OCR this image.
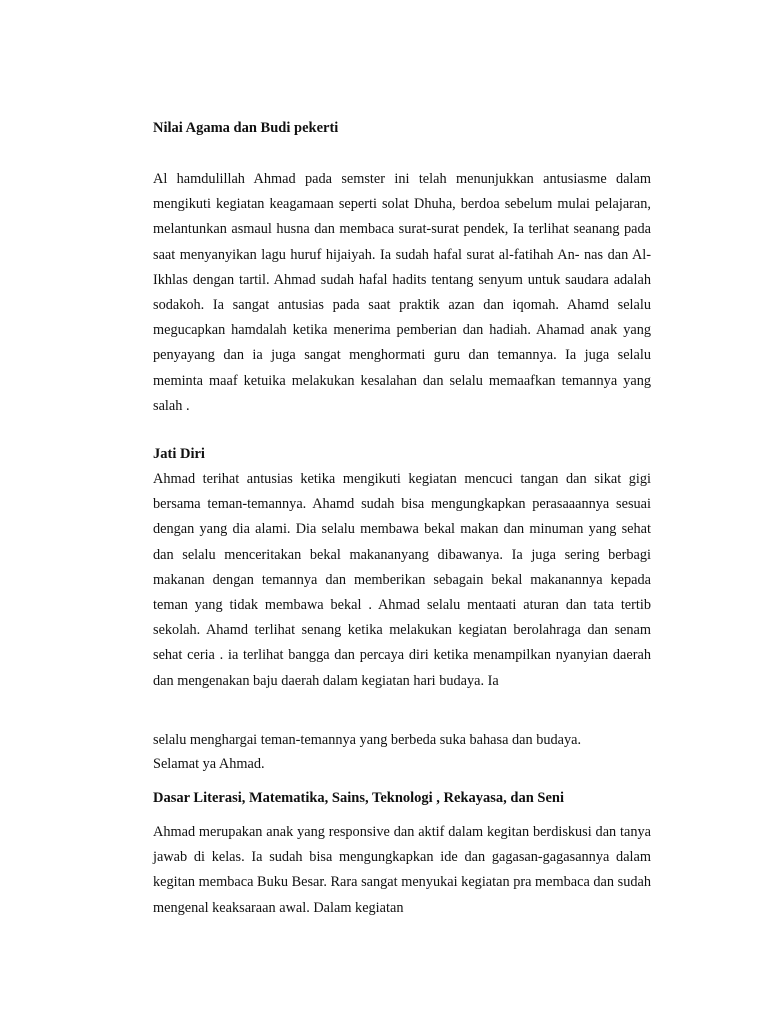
Nilai Agama dan Budi pekerti

Al hamdulillah Ahmad pada semster ini telah menunjukkan antusiasme dalam mengikuti kegiatan keagamaan seperti solat Dhuha, berdoa sebelum mulai pelajaran, melantunkan asmaul husna dan membaca surat-surat pendek, Ia terlihat seanang pada saat menyanyikan lagu huruf hijaiyah. Ia sudah hafal surat al-fatihah An- nas dan Al-Ikhlas dengan tartil. Ahmad sudah hafal hadits tentang senyum untuk saudara adalah sodakoh. Ia sangat antusias pada saat praktik azan dan iqomah. Ahamd selalu megucapkan hamdalah ketika menerima pemberian dan hadiah. Ahamad anak yang penyayang dan ia juga sangat menghormati guru dan temannya. Ia juga selalu meminta maaf ketuika melakukan kesalahan dan selalu memaafkan temannya yang salah .

Jati Diri

Ahmad terihat antusias ketika mengikuti kegiatan mencuci tangan dan sikat gigi bersama teman-temannya. Ahamd sudah bisa mengungkapkan perasaaannya sesuai dengan yang dia alami. Dia selalu membawa bekal makan dan minuman yang sehat dan selalu menceritakan bekal makananyang dibawanya. Ia juga sering berbagi makanan dengan temannya dan memberikan sebagain bekal makanannya kepada teman yang tidak membawa bekal . Ahmad selalu mentaati aturan dan tata tertib sekolah. Ahamd terlihat senang ketika melakukan kegiatan berolahraga dan senam sehat ceria . ia terlihat bangga dan percaya diri ketika menampilkan nyanyian daerah dan mengenakan baju daerah dalam kegiatan hari budaya. Ia

selalu menghargai teman-temannya yang berbeda suka bahasa dan budaya.
Selamat ya Ahmad.
Dasar Literasi, Matematika, Sains, Teknologi , Rekayasa, dan Seni

Ahmad merupakan anak yang responsive dan aktif dalam kegitan berdiskusi dan tanya jawab di kelas. Ia sudah bisa mengungkapkan ide dan gagasan-gagasannya dalam kegitan membaca Buku Besar. Rara sangat menyukai kegiatan pra membaca dan sudah mengenal keaksaraan awal. Dalam kegiatan
